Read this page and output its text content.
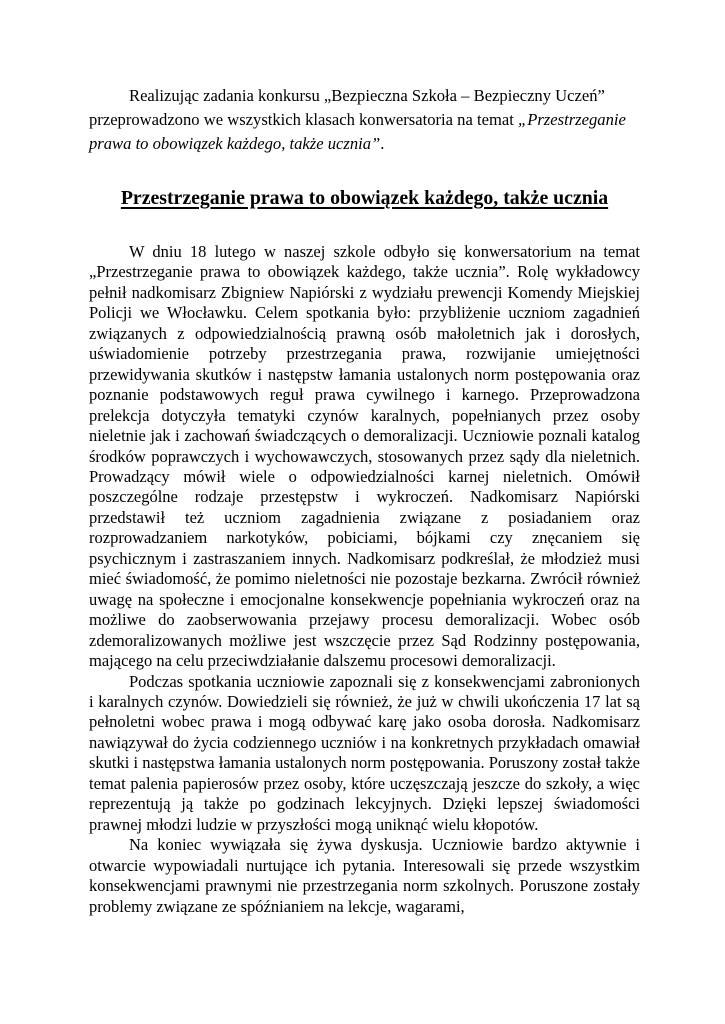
Realizując zadania konkursu „Bezpieczna Szkoła – Bezpieczny Uczeń” przeprowadzono we wszystkich klasach konwersatoria na temat „Przestrzeganie prawa to obowiązek każdego, także ucznia”.

Przestrzeganie prawa to obowiązek każdego, także ucznia

W dniu 18 lutego w naszej szkole odbyło się konwersatorium na temat „Przestrzeganie prawa to obowiązek każdego, także ucznia”. Rolę wykładowcy pełnił nadkomisarz Zbigniew Napiórski z wydziału prewencji Komendy Miejskiej Policji we Włocławku. Celem spotkania było: przybliżenie uczniom zagadnień związanych z odpowiedzialnością prawną osób małoletnich jak i dorosłych, uświadomienie potrzeby przestrzegania prawa, rozwijanie umiejętności przewidywania skutków i następstw łamania ustalonych norm postępowania oraz poznanie podstawowych reguł prawa cywilnego i karnego. Przeprowadzona prelekcja dotyczyła tematyki czynów karalnych, popełnianych przez osoby nieletnie jak i zachowań świadczących o demoralizacji. Uczniowie poznali katalog środków poprawczych i wychowawczych, stosowanych przez sądy dla nieletnich. Prowadzący mówił wiele o odpowiedzialności karnej nieletnich. Omówił poszczególne rodzaje przestępstw i wykroczeń. Nadkomisarz Napiórski przedstawił też uczniom zagadnienia związane z posiadaniem oraz rozprowadzaniem narkotyków, pobiciami, bójkami czy znęcaniem się psychicznym i zastraszaniem innych. Nadkomisarz podkreślał, że młodzież musi mieć świadomość, że pomimo nieletności nie pozostaje bezkarna. Zwrócił również uwagę na społeczne i emocjonalne konsekwencje popełniania wykroczeń oraz na możliwe do zaobserwowania przejawy procesu demoralizacji. Wobec osób zdemoralizowanych możliwe jest wszczęcie przez Sąd Rodzinny postępowania, mającego na celu przeciwdziałanie dalszemu procesowi demoralizacji.

Podczas spotkania uczniowie zapoznali się z konsekwencjami zabronionych i karalnych czynów. Dowiedzieli się również, że już w chwili ukończenia 17 lat są pełnoletni wobec prawa i mogą odbywać karę jako osoba dorosła. Nadkomisarz nawiązywał do życia codziennego uczniów i na konkretnych przykładach omawiał skutki i następstwa łamania ustalonych norm postępowania. Poruszony został także temat palenia papierosów przez osoby, które uczęszczają jeszcze do szkoły, a więc reprezentują ją także po godzinach lekcyjnych. Dzięki lepszej świadomości prawnej młodzi ludzie w przyszłości mogą uniknąć wielu kłopotów.

Na koniec wywiązała się żywa dyskusja. Uczniowie bardzo aktywnie i otwarcie wypowiadali nurtujące ich pytania. Interesowali się przede wszystkim konsekwencjami prawnymi nie przestrzegania norm szkolnych. Poruszone zostały problemy związane ze spóźnianiem na lekcje, wagarami,
